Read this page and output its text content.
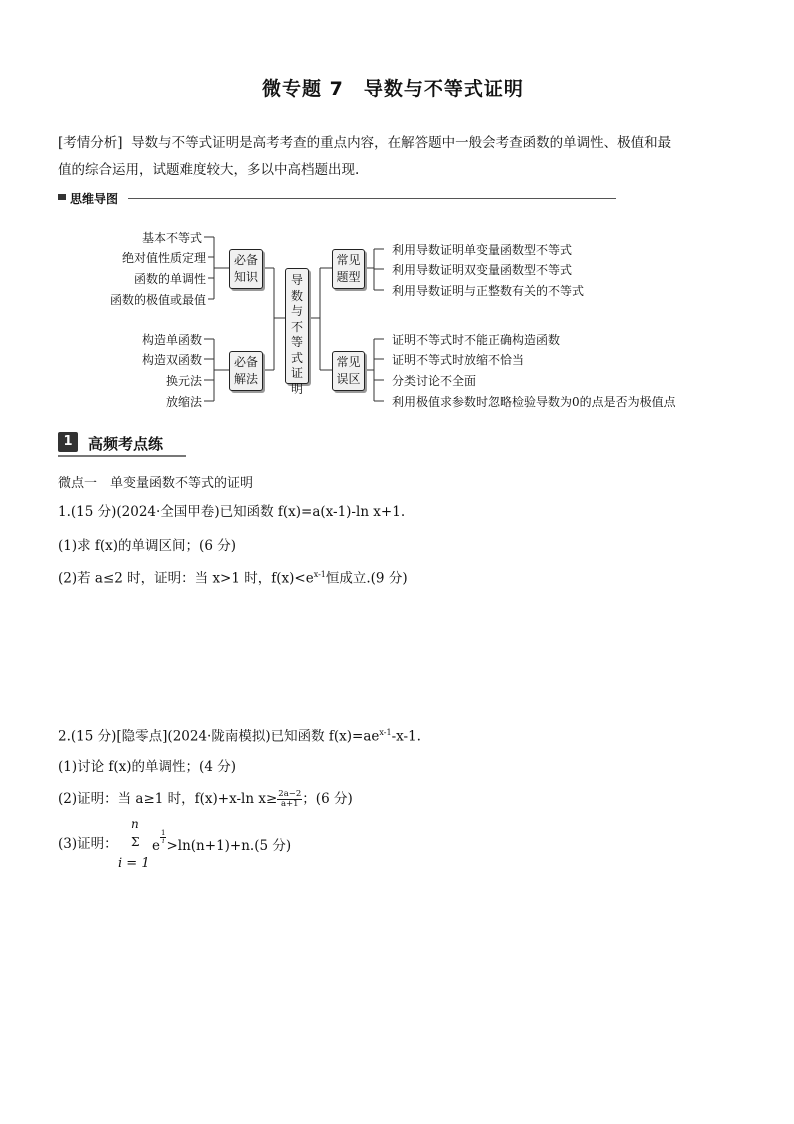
微专题 7　导数与不等式证明
[考情分析] 导数与不等式证明是高考考查的重点内容，在解答题中一般会考查函数的单调性、极值和最
值的综合运用，试题难度较大，多以中高档题出现.
思维导图
基本不等式
绝对值性质定理
函数的单调性
函数的极值或最值
构造单函数
构造双函数
换元法
放缩法
必备
知识
必备
解法
导
数
与
不
等
式
证
明
常见
题型
常见
误区
利用导数证明单变量函数型不等式
利用导数证明双变量函数型不等式
利用导数证明与正整数有关的不等式
证明不等式时不能正确构造函数
证明不等式时放缩不恰当
分类讨论不全面
利用极值求参数时忽略检验导数为0的点是否为极值点
1	高频考点练
微点一　单变量函数不等式的证明
1.(15 分)(2024·全国甲卷)已知函数 f(x)=a(x-1)-ln x+1.
(1)求 f(x)的单调区间；(6 分)
(2)若 a≤2 时，证明：当 x>1 时，$f(x)<e^{x-1}$恒成立.(9 分)
2.(15 分)[隐零点](2024·陇南模拟)已知函数 $f(x)=ae^{x-1}-x-1$.
(1)讨论 f(x)的单调性；(4 分)
(2)证明：当 a≥1 时，f(x)+x-ln $x\ge \frac{2a-2}{a+1}$ ；(6 分)
(3)证明：
n
Σ
i = 1
e
$\frac{1}{i}$
>ln(n+1)+n.(5 分)
